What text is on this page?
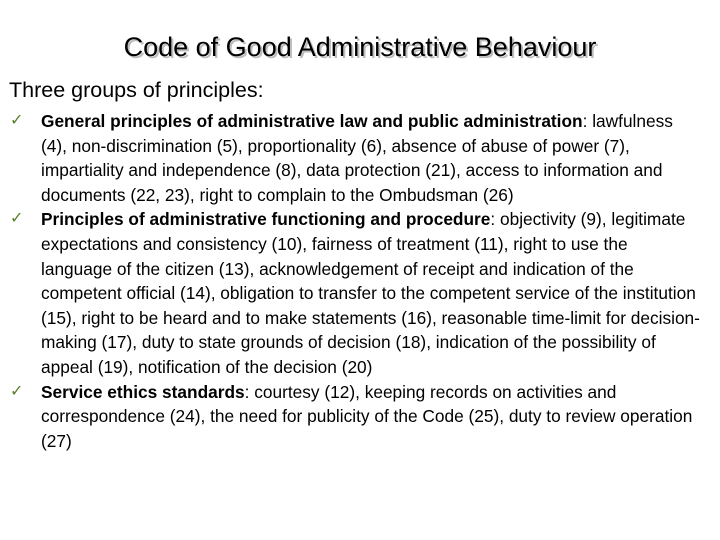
Code of Good Administrative Behaviour
Three groups of principles:
✓	General principles of administrative law and public administration: lawfulness (4), non-discrimination (5), proportionality (6), absence of abuse of power (7), impartiality and independence (8), data protection (21), access to information and documents (22, 23), right to complain to the Ombudsman (26)
✓	Principles of administrative functioning and procedure: objectivity (9), legitimate expectations and consistency (10), fairness of treatment (11), right to use the language of the citizen (13), acknowledgement of receipt and indication of the competent official (14), obligation to transfer to the competent service of the institution (15), right to be heard and to make statements (16), reasonable time-limit for decision-making (17), duty to state grounds of decision (18), indication of the possibility of appeal (19), notification of the decision (20)
✓	Service ethics standards: courtesy (12), keeping records on activities and correspondence (24), the need for publicity of the Code (25), duty to review operation (27)
